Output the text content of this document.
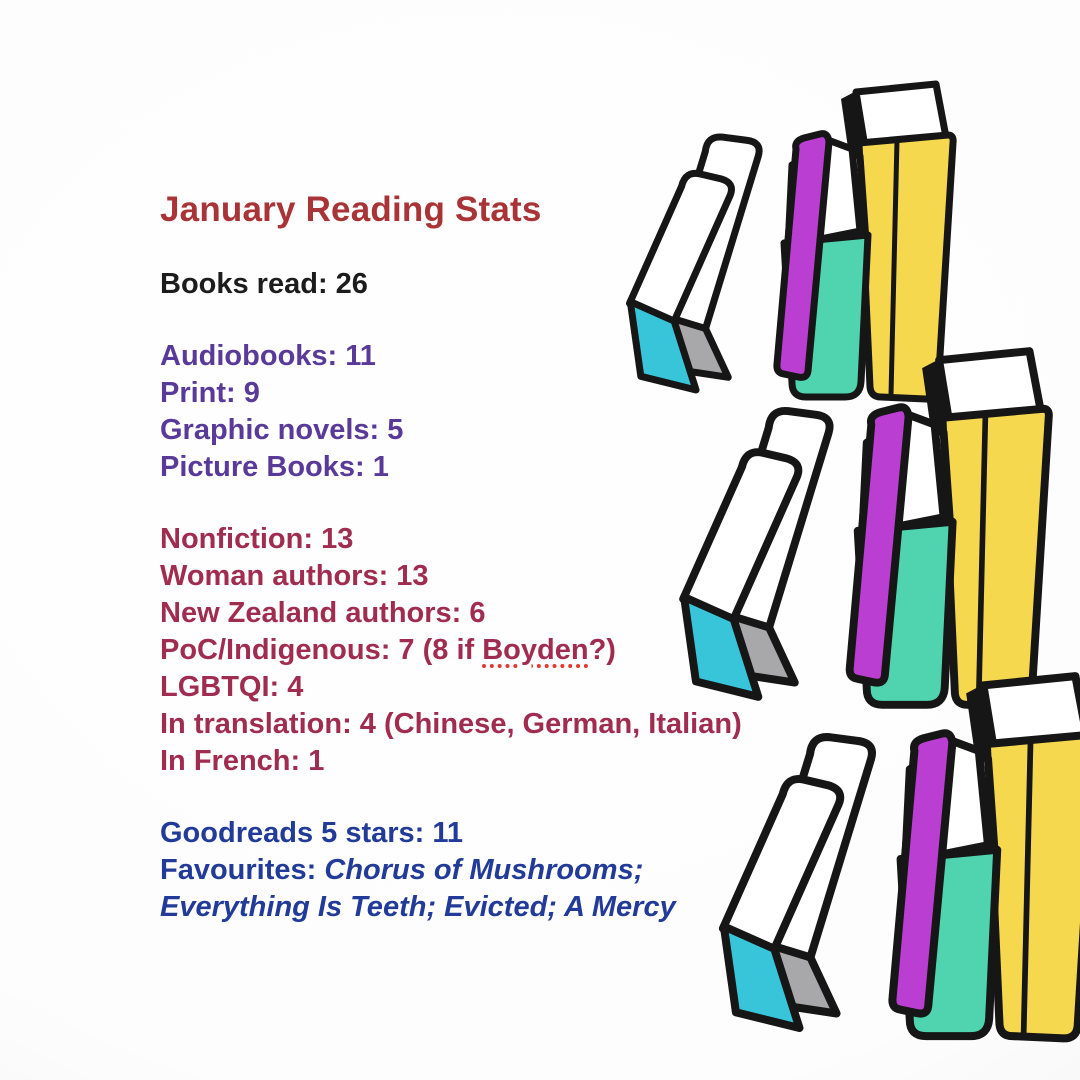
January Reading Stats
Books read: 26
Audiobooks: 11
Print: 9
Graphic novels: 5
Picture Books: 1
Nonfiction: 13
Woman authors: 13
New Zealand authors: 6
PoC/Indigenous: 7 (8 if Boyden?)
LGBTQI: 4
In translation: 4 (Chinese, German, Italian)
In French: 1
Goodreads 5 stars: 11
Favourites: Chorus of Mushrooms;
Everything Is Teeth; Evicted; A Mercy
